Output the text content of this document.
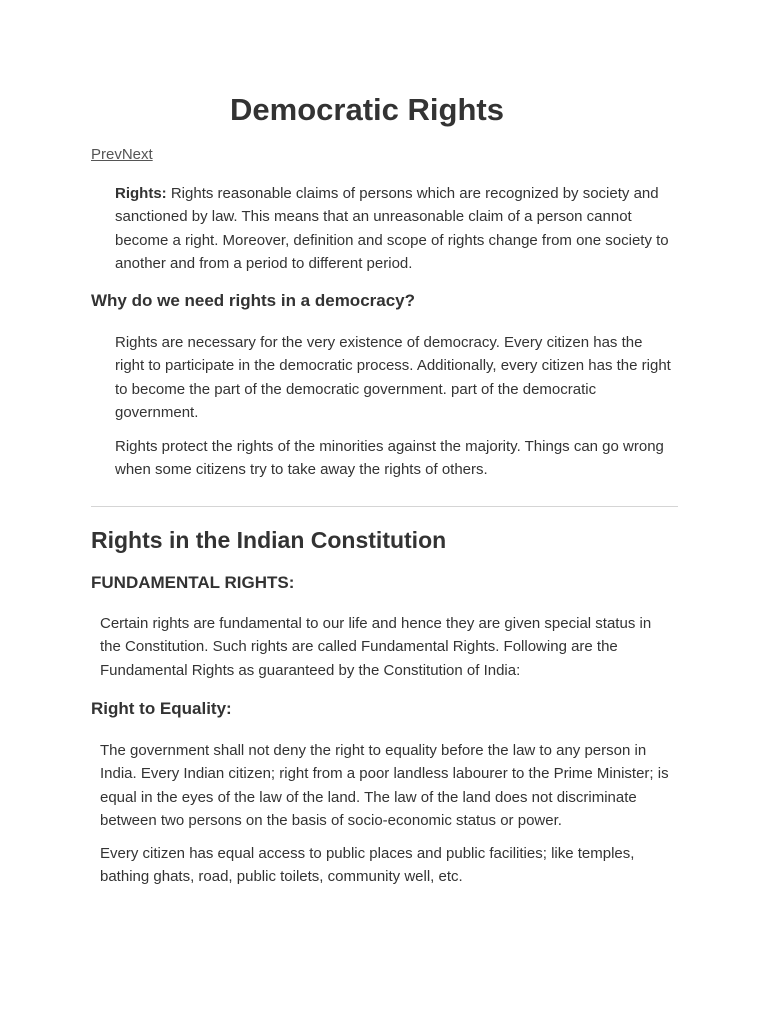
Democratic Rights
PrevNext

Rights: Rights reasonable claims of persons which are recognized by society and sanctioned by law. This means that an unreasonable claim of a person cannot become a right. Moreover, definition and scope of rights change from one society to another and from a period to different period.

Why do we need rights in a democracy?

Rights are necessary for the very existence of democracy. Every citizen has the right to participate in the democratic process. Additionally, every citizen has the right to become the part of the democratic government. part of the democratic government.

Rights protect the rights of the minorities against the majority. Things can go wrong when some citizens try to take away the rights of others.

Rights in the Indian Constitution
FUNDAMENTAL RIGHTS:

Certain rights are fundamental to our life and hence they are given special status in the Constitution. Such rights are called Fundamental Rights. Following are the Fundamental Rights as guaranteed by the Constitution of India:

Right to Equality:

The government shall not deny the right to equality before the law to any person in India. Every Indian citizen; right from a poor landless labourer to the Prime Minister; is equal in the eyes of the law of the land. The law of the land does not discriminate between two persons on the basis of socio-economic status or power.

Every citizen has equal access to public places and public facilities; like temples, bathing ghats, road, public toilets, community well, etc.
